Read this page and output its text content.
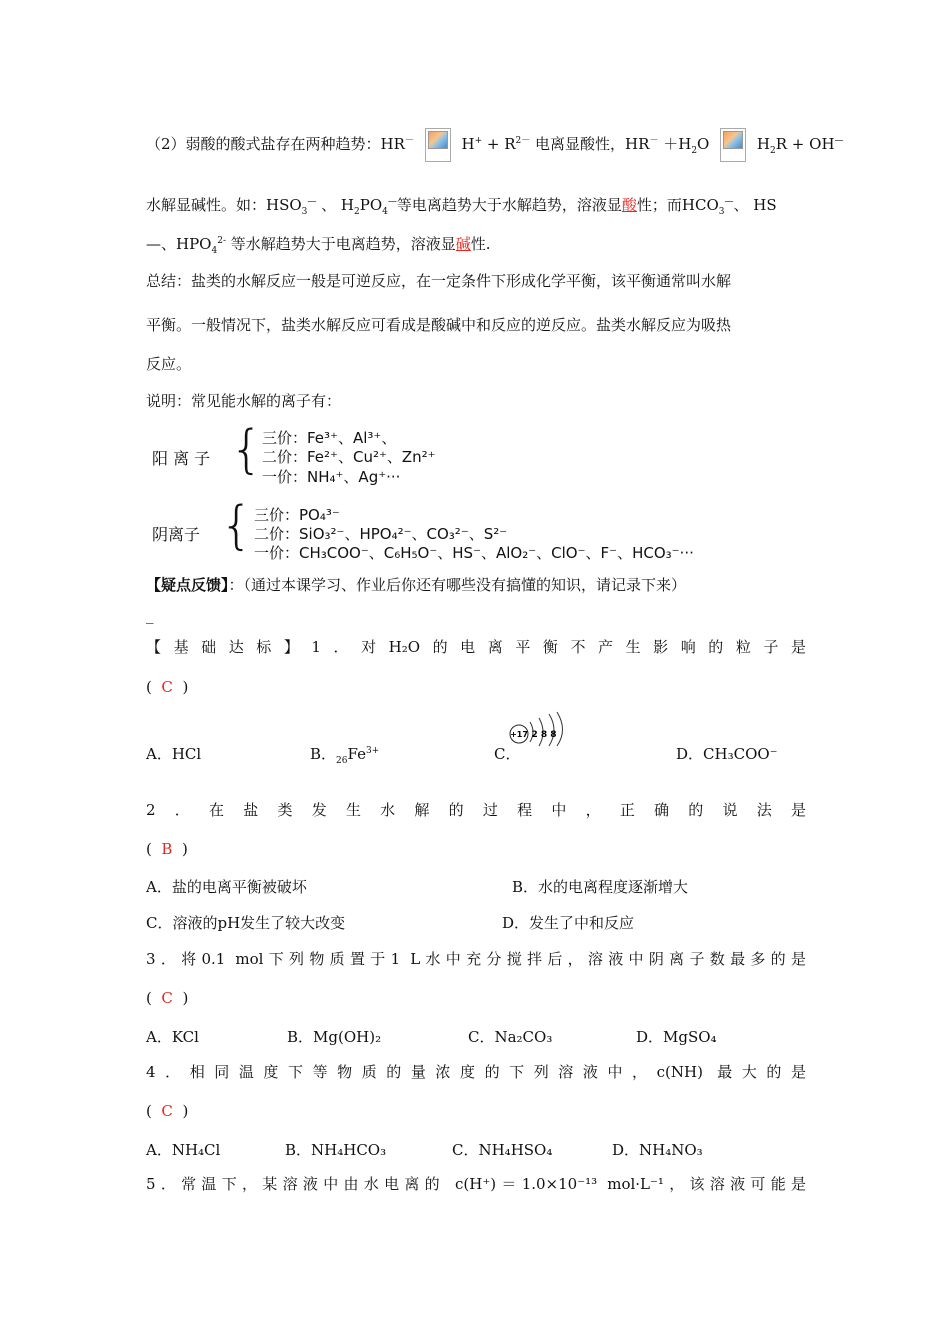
（2）弱酸的酸式盐存在两种趋势：HR－	$H^+ + R^{2-}$ 电离显酸性，$HR^- +H_2O$	$H_2R + OH^—$
水解显碱性。如：$HSO_3^—$ 、 $H_2PO_4^—$等电离趋势大于水解趋势，溶液显酸性；而$HCO_3^—$、 HS
—、$HPO_4^{2-}$ 等水解趋势大于电离趋势，溶液显碱性.
总结：盐类的水解反应一般是可逆反应，在一定条件下形成化学平衡，该平衡通常叫水解
平衡。一般情况下，盐类水解反应可看成是酸碱中和反应的逆反应。盐类水解反应为吸热
反应。
说明：常见能水解的离子有：
阳 离 子 {
三价：Fe³⁺、Al³⁺、
二价：Fe²⁺、Cu²⁺、Zn²⁺
一价：NH₄⁺、Ag⁺···
阴离子 { 三价：PO₄³⁻
二价：SiO₃²⁻、HPO₄²⁻、CO₃²⁻、S²⁻
一价：CH₃COO⁻、C₆H₅O⁻、HS⁻、AlO₂⁻、ClO⁻、F⁻、HCO₃⁻···
【疑点反馈】：（通过本课学习、作业后你还有哪些没有搞懂的知识，请记录下来）
_
【基础达标】1．对H₂O的电离平衡不产生影响的粒子是
( C )
A．HCl	B．$_{26}Fe^{3+}$	C．
+17 2 8 8
D．CH₃COO⁻
2．在盐类发生水解的过程中，正确的说法是
( B )
A．盐的电离平衡被破坏	B．水的电离程度逐渐增大
C．溶液的pH发生了较大改变	D．发生了中和反应
3．将0.1 mol下列物质置于1 L水中充分搅拌后，溶液中阴离子数最多的是
( C )
A．KCl	B．Mg(OH)₂	C．Na₂CO₃	D．MgSO₄
4．相同温度下等物质的量浓度的下列溶液中，c(NH) 最大的是
( C )
A．NH₄Cl	B．NH₄HCO₃	C．NH₄HSO₄	D．NH₄NO₃
5．常温下，某溶液中由水电离的 c(H⁺)＝1.0×10⁻¹³ mol·L⁻¹，该溶液可能是
